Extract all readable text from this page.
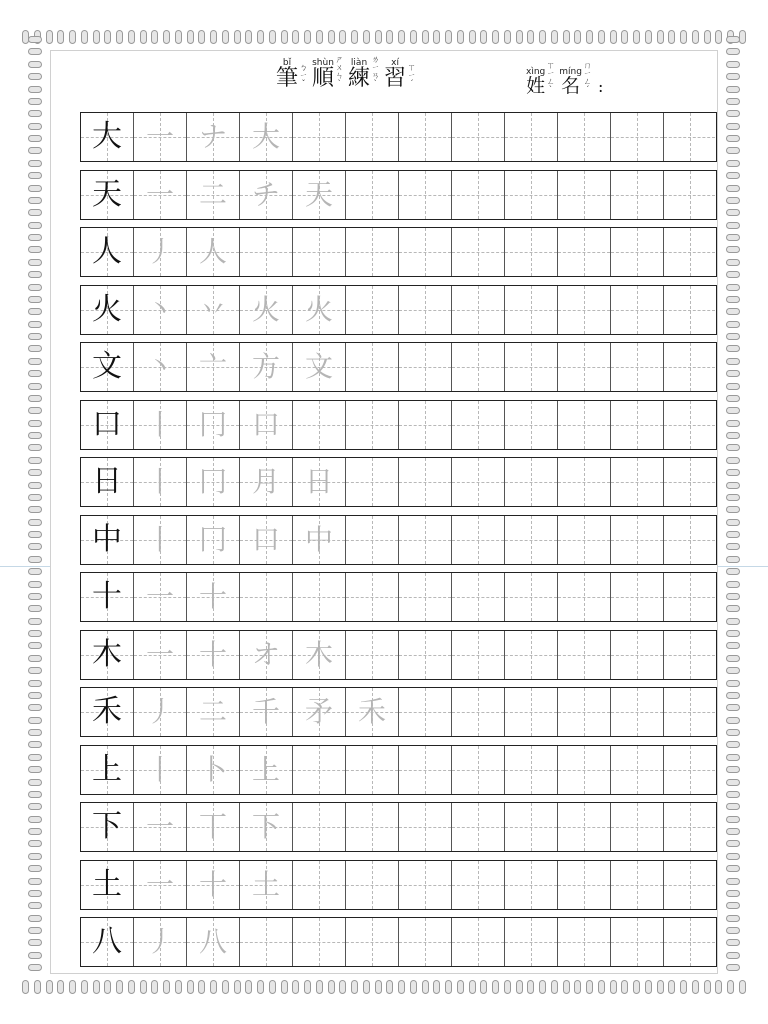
bǐ
筆 ㄅㄧˇ
shùn
順
ㄕㄨㄣˋ
liàn
練
ㄌㄧㄢˋ
xí
習 ㄒㄧˊ
xìng
姓
ㄒㄧㄥˋ
míng
名
ㄇㄧㄥˊ :
大 一 ナ 大
天 一 二 チ 天
人 丿 人
火 丶 丷 火 火
文 丶 亠 方 文
口 丨 冂 口
日 丨 冂 月 日
中 丨 冂 口 中
十 一 十
木 一 十 オ 木
禾 丿 二 千 矛 禾
上 丨 卜 上
下 一 丅 下
土 一 十 土
八 丿 八
